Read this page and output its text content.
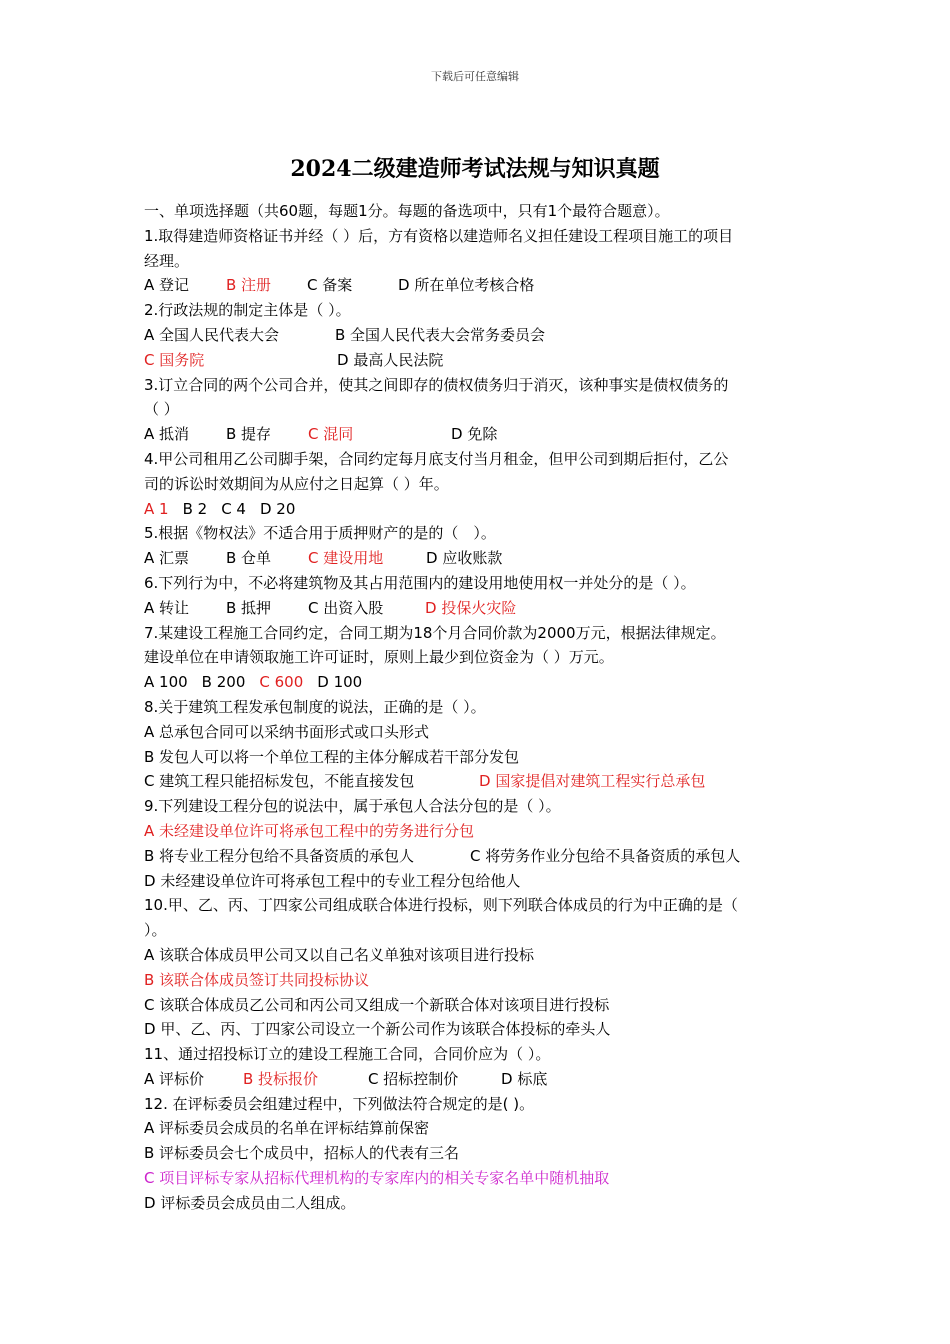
下载后可任意编辑
2024二级建造师考试法规与知识真题
一、单项选择题（共60题，每题1分。每题的备选项中，只有1个最符合题意）。
1.取得建造师资格证书并经（ ）后，方有资格以建造师名义担任建设工程项目施工的项目
经理。
A 登记 B 注册 C 备案	D 所在单位考核合格
2.行政法规的制定主体是（ ）。
A 全国人民代表大会	B 全国人民代表大会常务委员会
C 国务院	D 最高人民法院
3.订立合同的两个公司合并，使其之间即存的债权债务归于消灭，该种事实是债权债务的
（ ）
A 抵消 B 提存 C 混同	D 免除
4.甲公司租用乙公司脚手架，合同约定每月底支付当月租金，但甲公司到期后拒付，乙公
司的诉讼时效期间为从应付之日起算（ ）年。
A 1 B 2 C 4 D 20
5.根据《物权法》不适合用于质押财产的是的（　）。
A 汇票 B 仓单 C 建设用地	D 应收账款
6.下列行为中，不必将建筑物及其占用范围内的建设用地使用权一并处分的是（ ）。
A 转让 B 抵押 C 出资入股	D 投保火灾险
7.某建设工程施工合同约定，合同工期为18个月合同价款为2000万元，根据法律规定。
建设单位在申请领取施工许可证时，原则上最少到位资金为（ ）万元。
A 100 B 200 C 600 D 100
8.关于建筑工程发承包制度的说法，正确的是（ ）。
A 总承包合同可以采纳书面形式或口头形式
B 发包人可以将一个单位工程的主体分解成若干部分发包
C 建筑工程只能招标发包，不能直接发包	D 国家提倡对建筑工程实行总承包
9.下列建设工程分包的说法中，属于承包人合法分包的是（ ）。
A 未经建设单位许可将承包工程中的劳务进行分包
B 将专业工程分包给不具备资质的承包人	C 将劳务作业分包给不具备资质的承包人
D 未经建设单位许可将承包工程中的专业工程分包给他人
10.甲、乙、丙、丁四家公司组成联合体进行投标，则下列联合体成员的行为中正确的是（
）。
A 该联合体成员甲公司又以自己名义单独对该项目进行投标
B 该联合体成员签订共同投标协议
C 该联合体成员乙公司和丙公司又组成一个新联合体对该项目进行投标
D 甲、乙、丙、丁四家公司设立一个新公司作为该联合体投标的牵头人
11、通过招投标订立的建设工程施工合同，合同价应为（ ）。
A 评标价	B 投标报价	C 招标控制价	D 标底
12. 在评标委员会组建过程中，下列做法符合规定的是( )。
A 评标委员会成员的名单在评标结算前保密
B 评标委员会七个成员中，招标人的代表有三名
C 项目评标专家从招标代理机构的专家库内的相关专家名单中随机抽取
D 评标委员会成员由二人组成。
